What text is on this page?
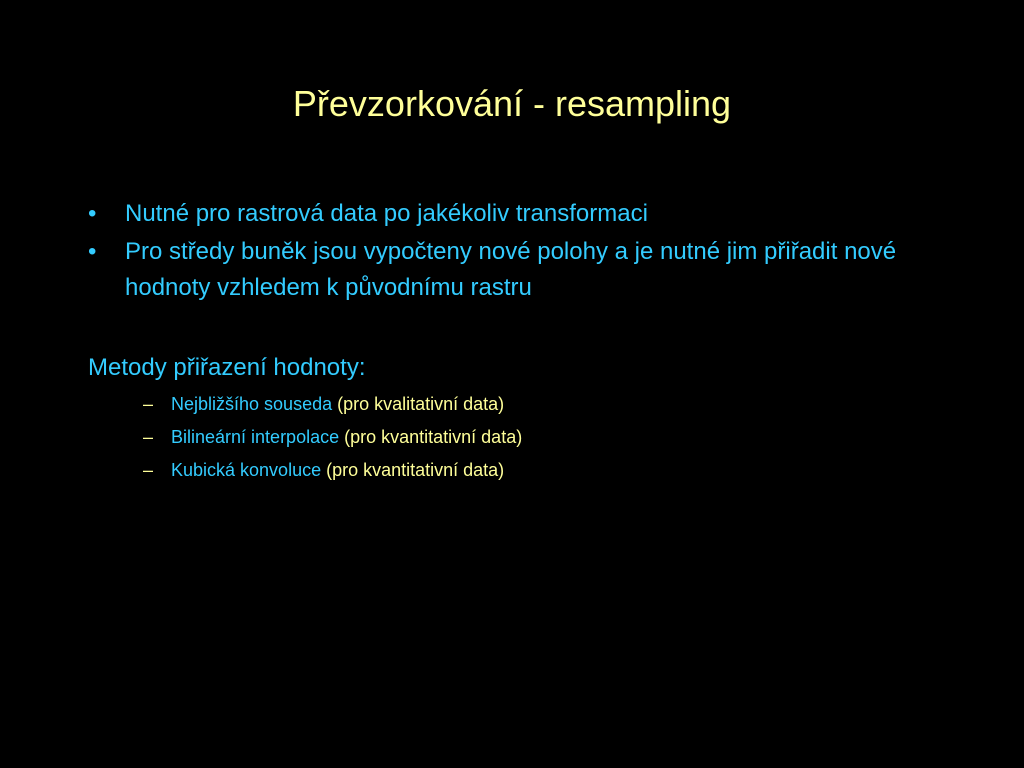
Převzorkování - resampling
• Nutné pro rastrová data po jakékoliv transformaci
• Pro středy buněk jsou vypočteny nové polohy a je nutné jim přiřadit nové hodnoty vzhledem k původnímu rastru
Metody přiřazení hodnoty:
– Nejbližšího souseda (pro kvalitativní data)
– Bilineární interpolace (pro kvantitativní data)
– Kubická konvoluce (pro kvantitativní data)
